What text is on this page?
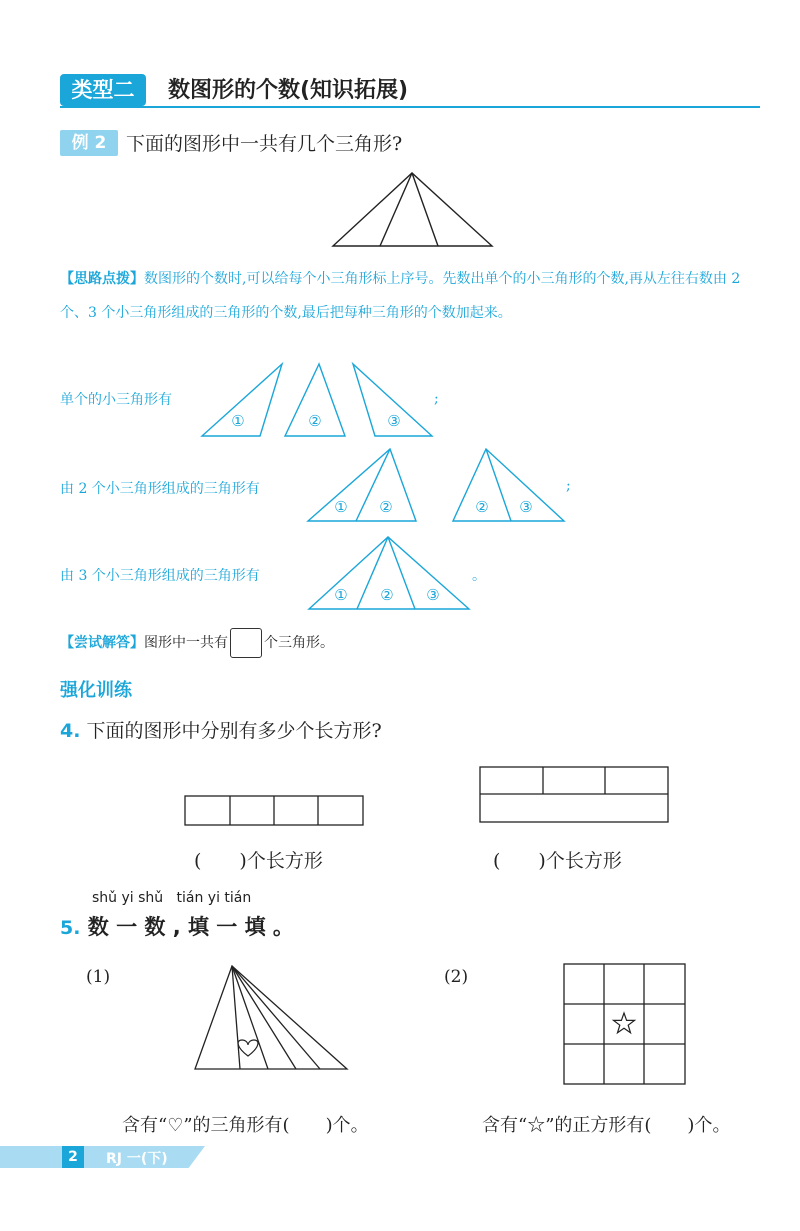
类型二	数图形的个数(知识拓展)
例 2	下面的图形中一共有几个三角形?
【思路点拨】数图形的个数时,可以给每个小三角形标上序号。先数出单个的小三角形的个数,再从左往右数由 2 个、3 个小三角形组成的三角形的个数,最后把每种三角形的个数加起来。
单个的小三角形有
①	②	③
;
由 2 个小三角形组成的三角形有
① ②	② ③
;
由 3 个小三角形组成的三角形有
① ② ③
。
【尝试解答】图形中一共有	个三角形。
强化训练
4. 下面的图形中分别有多少个长方形?
(　　)个长方形	(　　)个长方形
shǔ yi shǔ   tián yi tián
5. 数 一 数 , 填 一 填 。
(1)	(2)
含有“♡”的三角形有(　　)个。	含有“☆”的正方形有(　　)个。
2	RJ 一(下)
